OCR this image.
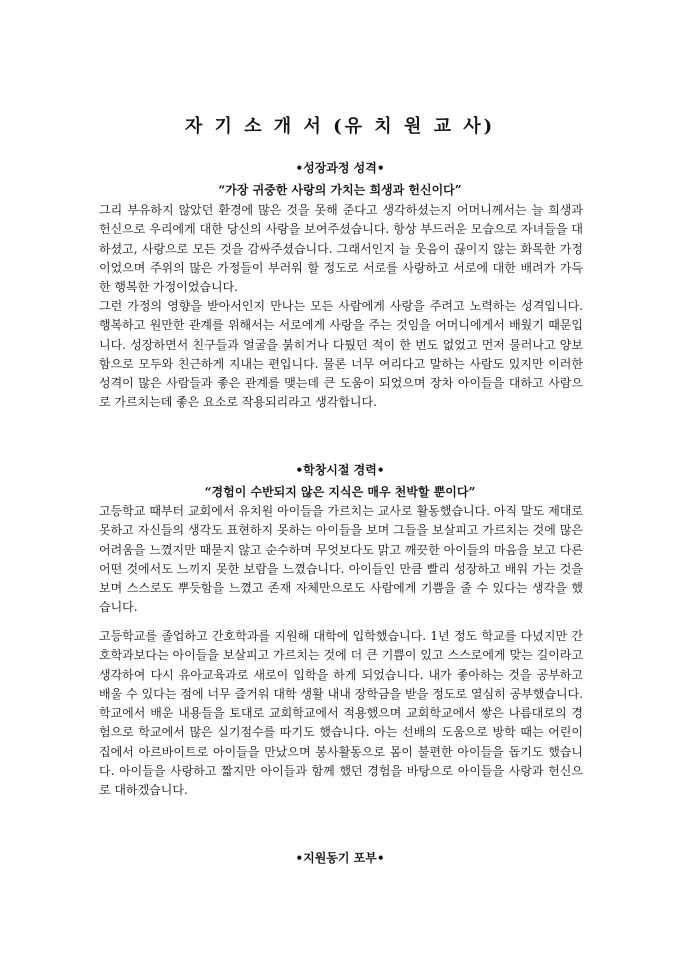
자 기 소 개 서 (유 치 원 교 사)
•성장과정 성격•
“가장 귀중한 사랑의 가치는 희생과 헌신이다”

그리 부유하지 않았던 환경에 많은 것을 못해 준다고 생각하셨는지 어머니께서는 늘 희생과 헌신으로 우리에게 대한 당신의 사랑을 보여주셨습니다. 항상 부드러운 모습으로 자녀들을 대하셨고, 사랑으로 모든 것을 감싸주셨습니다. 그래서인지 늘 웃음이 끊이지 않는 화목한 가정이었으며 주위의 많은 가정들이 부러워 할 정도로 서로를 사랑하고 서로에 대한 배려가 가득한 행복한 가정이었습니다.

그런 가정의 영향을 받아서인지 만나는 모든 사람에게 사랑을 주려고 노력하는 성격입니다. 행복하고 원만한 관계를 위해서는 서로에게 사랑을 주는 것임을 어머니에게서 배웠기 때문입니다. 성장하면서 친구들과 얼굴을 붉히거나 다퉜던 적이 한 번도 없었고 먼저 물러나고 양보함으로 모두와 친근하게 지내는 편입니다. 물론 너무 여리다고 말하는 사람도 있지만 이러한 성격이 많은 사람들과 좋은 관계를 맺는데 큰 도움이 되었으며 장차 아이들을 대하고 사람으로 가르치는데 좋은 요소로 작용되리라고 생각합니다.

•학창시절 경력•
“경험이 수반되지 않은 지식은 매우 천박할 뿐이다”

고등학교 때부터 교회에서 유치원 아이들을 가르치는 교사로 활동했습니다. 아직 말도 제대로 못하고 자신들의 생각도 표현하지 못하는 아이들을 보며 그들을 보살피고 가르치는 것에 많은 어려움을 느꼈지만 때묻지 않고 순수하며 무엇보다도 맑고 깨끗한 아이들의 마음을 보고 다른 어떤 것에서도 느끼지 못한 보람을 느꼈습니다. 아이들인 만큼 빨리 성장하고 배워 가는 것을 보며 스스로도 뿌듯함을 느꼈고 존재 자체만으로도 사람에게 기쁨을 줄 수 있다는 생각을 했습니다.

고등학교를 졸업하고 간호학과를 지원해 대학에 입학했습니다. 1년 정도 학교를 다녔지만 간호학과보다는 아이들을 보살피고 가르치는 것에 더 큰 기쁨이 있고 스스로에게 맞는 길이라고 생각하여 다시 유아교육과로 새로이 입학을 하게 되었습니다. 내가 좋아하는 것을 공부하고 배울 수 있다는 점에 너무 즐거워 대학 생활 내내 장학금을 받을 정도로 열심히 공부했습니다. 학교에서 배운 내용들을 토대로 교회학교에서 적용했으며 교회학교에서 쌓은 나름대로의 경험으로 학교에서 많은 실기점수를 따기도 했습니다. 아는 선배의 도움으로 방학 때는 어린이집에서 아르바이트로 아이들을 만났으며 봉사활동으로 몸이 불편한 아이들을 돕기도 했습니다. 아이들을 사랑하고 짧지만 아이들과 함께 했던 경험을 바탕으로 아이들을 사랑과 헌신으로 대하겠습니다.

•지원동기 포부•
